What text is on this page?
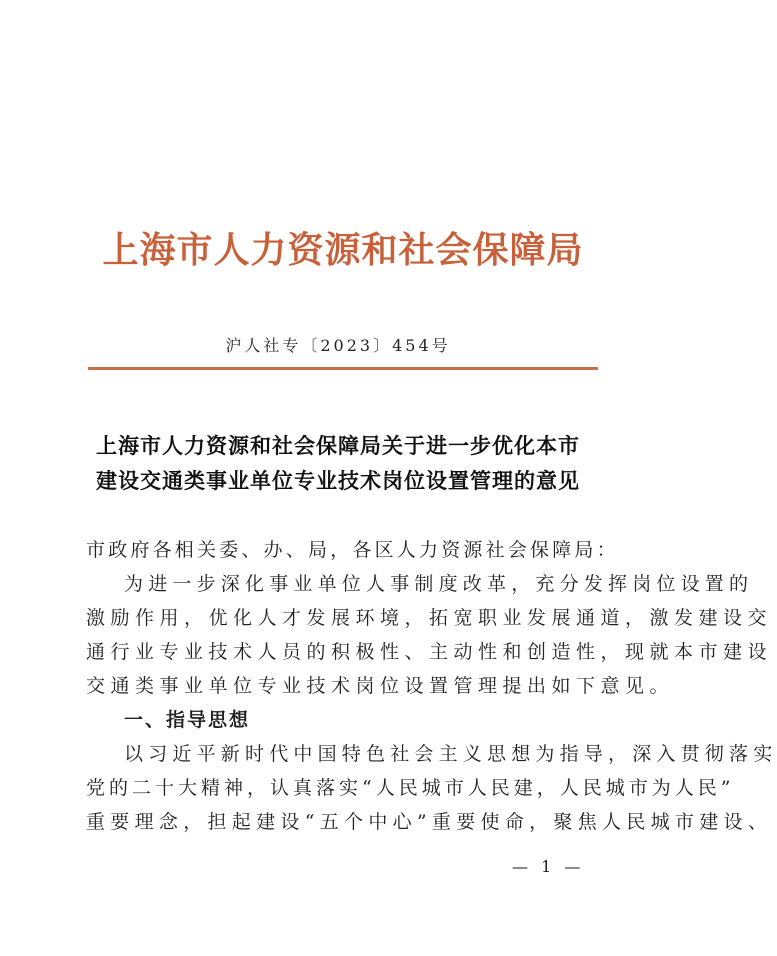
上海市人力资源和社会保障局
沪人社专〔2023〕454号
上海市人力资源和社会保障局关于进一步优化本市
建设交通类事业单位专业技术岗位设置管理的意见
市政府各相关委、办、局，各区人力资源社会保障局：
为进一步深化事业单位人事制度改革，充分发挥岗位设置的
激励作用，优化人才发展环境，拓宽职业发展通道，激发建设交
通行业专业技术人员的积极性、主动性和创造性，现就本市建设
交通类事业单位专业技术岗位设置管理提出如下意见。
一、指导思想
以习近平新时代中国特色社会主义思想为指导，深入贯彻落实
党的二十大精神，认真落实“人民城市人民建，人民城市为人民”
重要理念，担起建设“五个中心”重要使命，聚焦人民城市建设、
— 1 —
